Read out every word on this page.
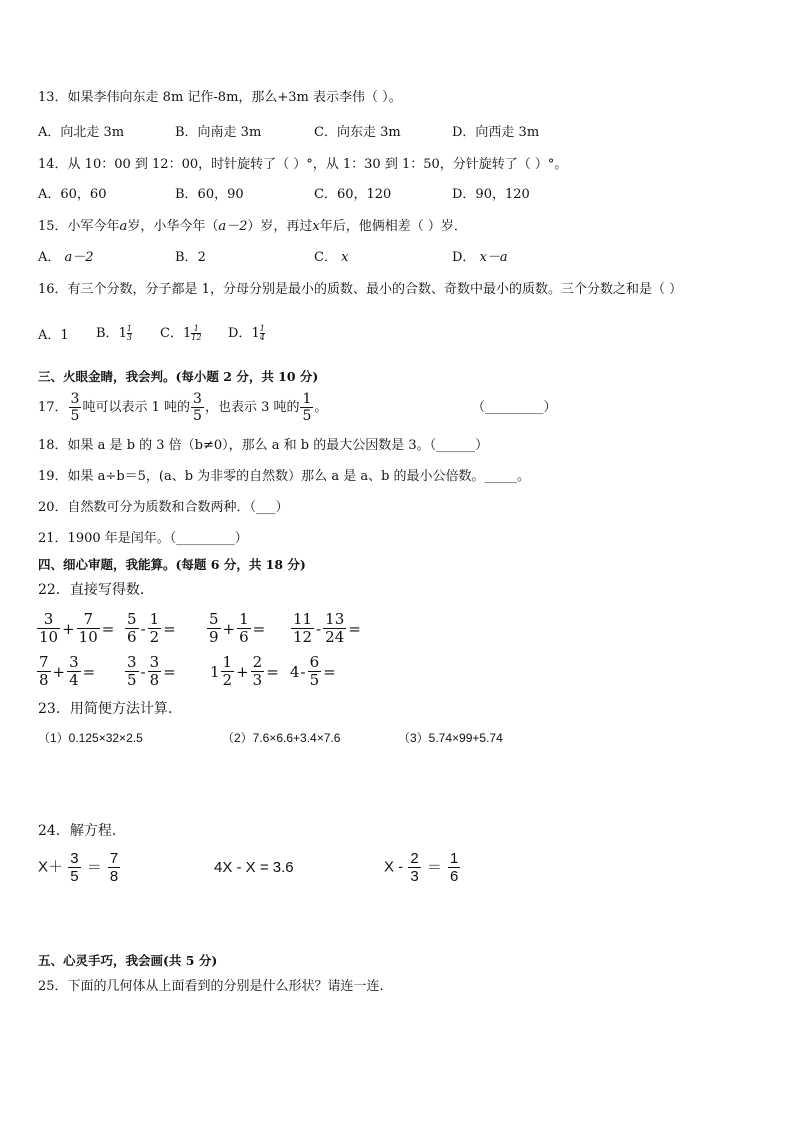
13．如果李伟向东走 8m 记作-8m，那么+3m 表示李伟（ ）。
A．向北走 3m	B．向南走 3m	C．向东走 3m	D．向西走 3m
14．从 10：00 到 12：00，时针旋转了（ ）°，从 1：30 到 1：50，分针旋转了（ ）°。
A．60，60	B．60，90	C．60，120	D．90，120
15．小军今年a岁，小华今年（a－2）岁，再过x年后，他俩相差（ ）岁．
A． a－2	B．2	C． x	D． x－a
16．有三个分数，分子都是 1，分母分别是最小的质数、最小的合数、奇数中最小的质数。三个分数之和是（ ）
A．1 B．$1 \frac{1}{3}$ C．$1 \frac{1}{12}$ D．$1 \frac{1}{4}$
三、火眼金睛，我会判。(每小题 2 分，共 10 分)
17． $\frac{3}{5}$ 吨可以表示 1 吨的 $\frac{3}{5}$ ，也表示 3 吨的 $\frac{1}{5}$ 。	（_________）
18．如果 a 是 b 的 3 倍（b≠0），那么 a 和 b 的最大公因数是 3。（______）
19．如果 a÷b＝5，(a、b 为非零的自然数）那么 a 是 a、b 的最小公倍数。_____。
20．自然数可分为质数和合数两种．（___）
21．1900 年是闰年。（_________）
四、细心审题，我能算。(每题 6 分，共 18 分)
22．直接写得数.
$\frac{3}{10} + \frac{7}{10} = \frac{5}{6} - \frac{1}{2} = \frac{5}{9} + \frac{1}{6} = \frac{11}{12} - \frac{13}{24}$ =
$\frac{7}{8} + \frac{3}{4} = \frac{3}{5} - \frac{3}{8} = 1 \frac{1}{2} + \frac{2}{3} = 4- \frac{6}{5}$ =
23．用简便方法计算.
（1）0.125×32×2.5	（2）7.6×6.6+3.4×7.6	（3）5.74×99+5.74
24．解方程.
$X+ \frac{3}{5} = \frac{7}{8}$	4X - X = 3.6	$X - \frac{2}{3} = \frac{1}{6}$
五、心灵手巧，我会画(共 5 分)
25．下面的几何体从上面看到的分别是什么形状？请连一连.
